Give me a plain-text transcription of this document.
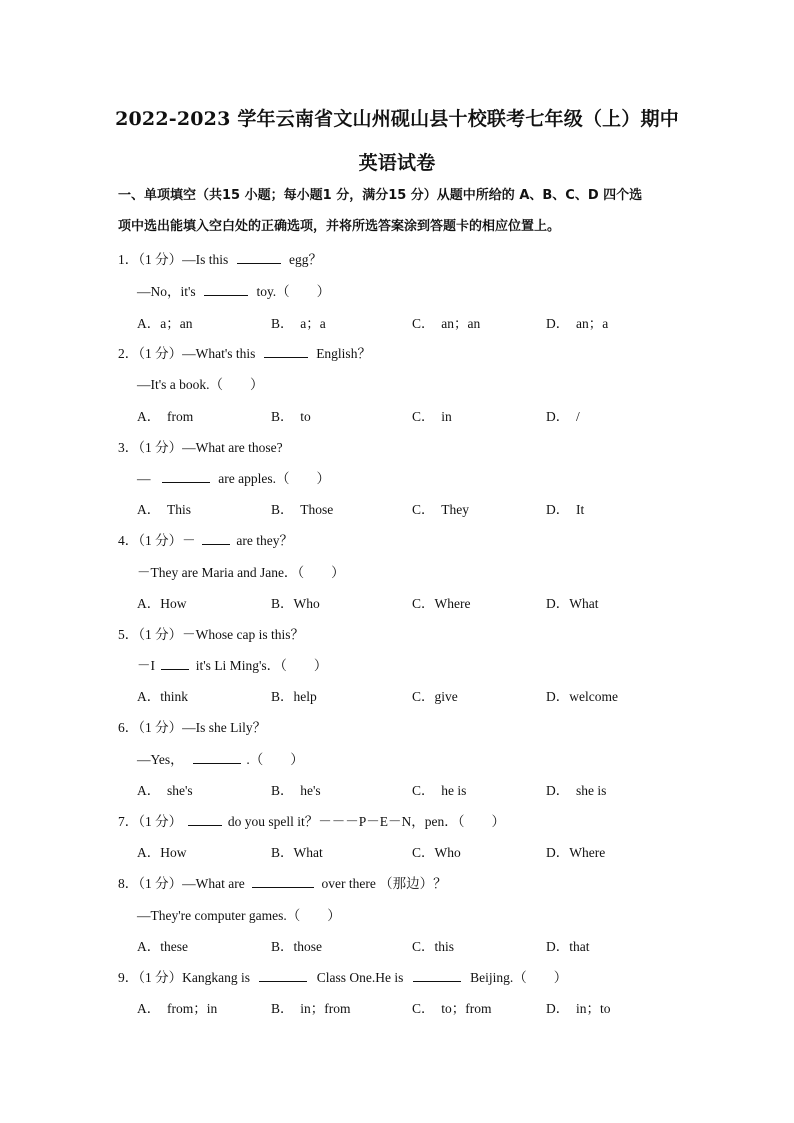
2022-2023 学年云南省文山州砚山县十校联考七年级（上）期中
英语试卷
一、单项填空（共15 小题；每小题1 分，满分15 分）从题中所给的 A、B、C、D 四个选
项中选出能填入空白处的正确选项，并将所选答案涂到答题卡的相应位置上。
1．（1 分）—Is this	egg？
—No，it's	toy.（　　）
A．a；an	B．　a；a	C．　an；an	D．　an；a
2．（1 分）—What's this	English？
—It's a book.（　　）
A．　from	B．　to	C．　in	D．　/
3．（1 分）—What are those?
—	are apples.（　　）
A．　This	B．　Those	C．　They	D．　It
4．（1 分）－	are they？
－They are Maria and Jane．（　　）
A．How	B．Who	C．Where	D．What
5．（1 分）－Whose cap is this？
－I	it's Li Ming's．（　　）
A．think	B．help	C．give	D．welcome
6．（1 分）—Is she Lily？
—Yes，	.（　　）
A．　she's	B．　he's	C．　he is	D．　she is
7．（1 分）	do you spell it？－－－P－E－N，pen．（　　）
A．How	B．What	C．Who	D．Where
8．（1 分）—What are	over there （那边）？
—They're computer games.（　　）
A．these	B．those	C．this	D．that
9．（1 分）Kangkang is	Class One.He is	Beijing.（　　）
A．　from；in	B．　in；from	C．　to；from	D．　in；to
